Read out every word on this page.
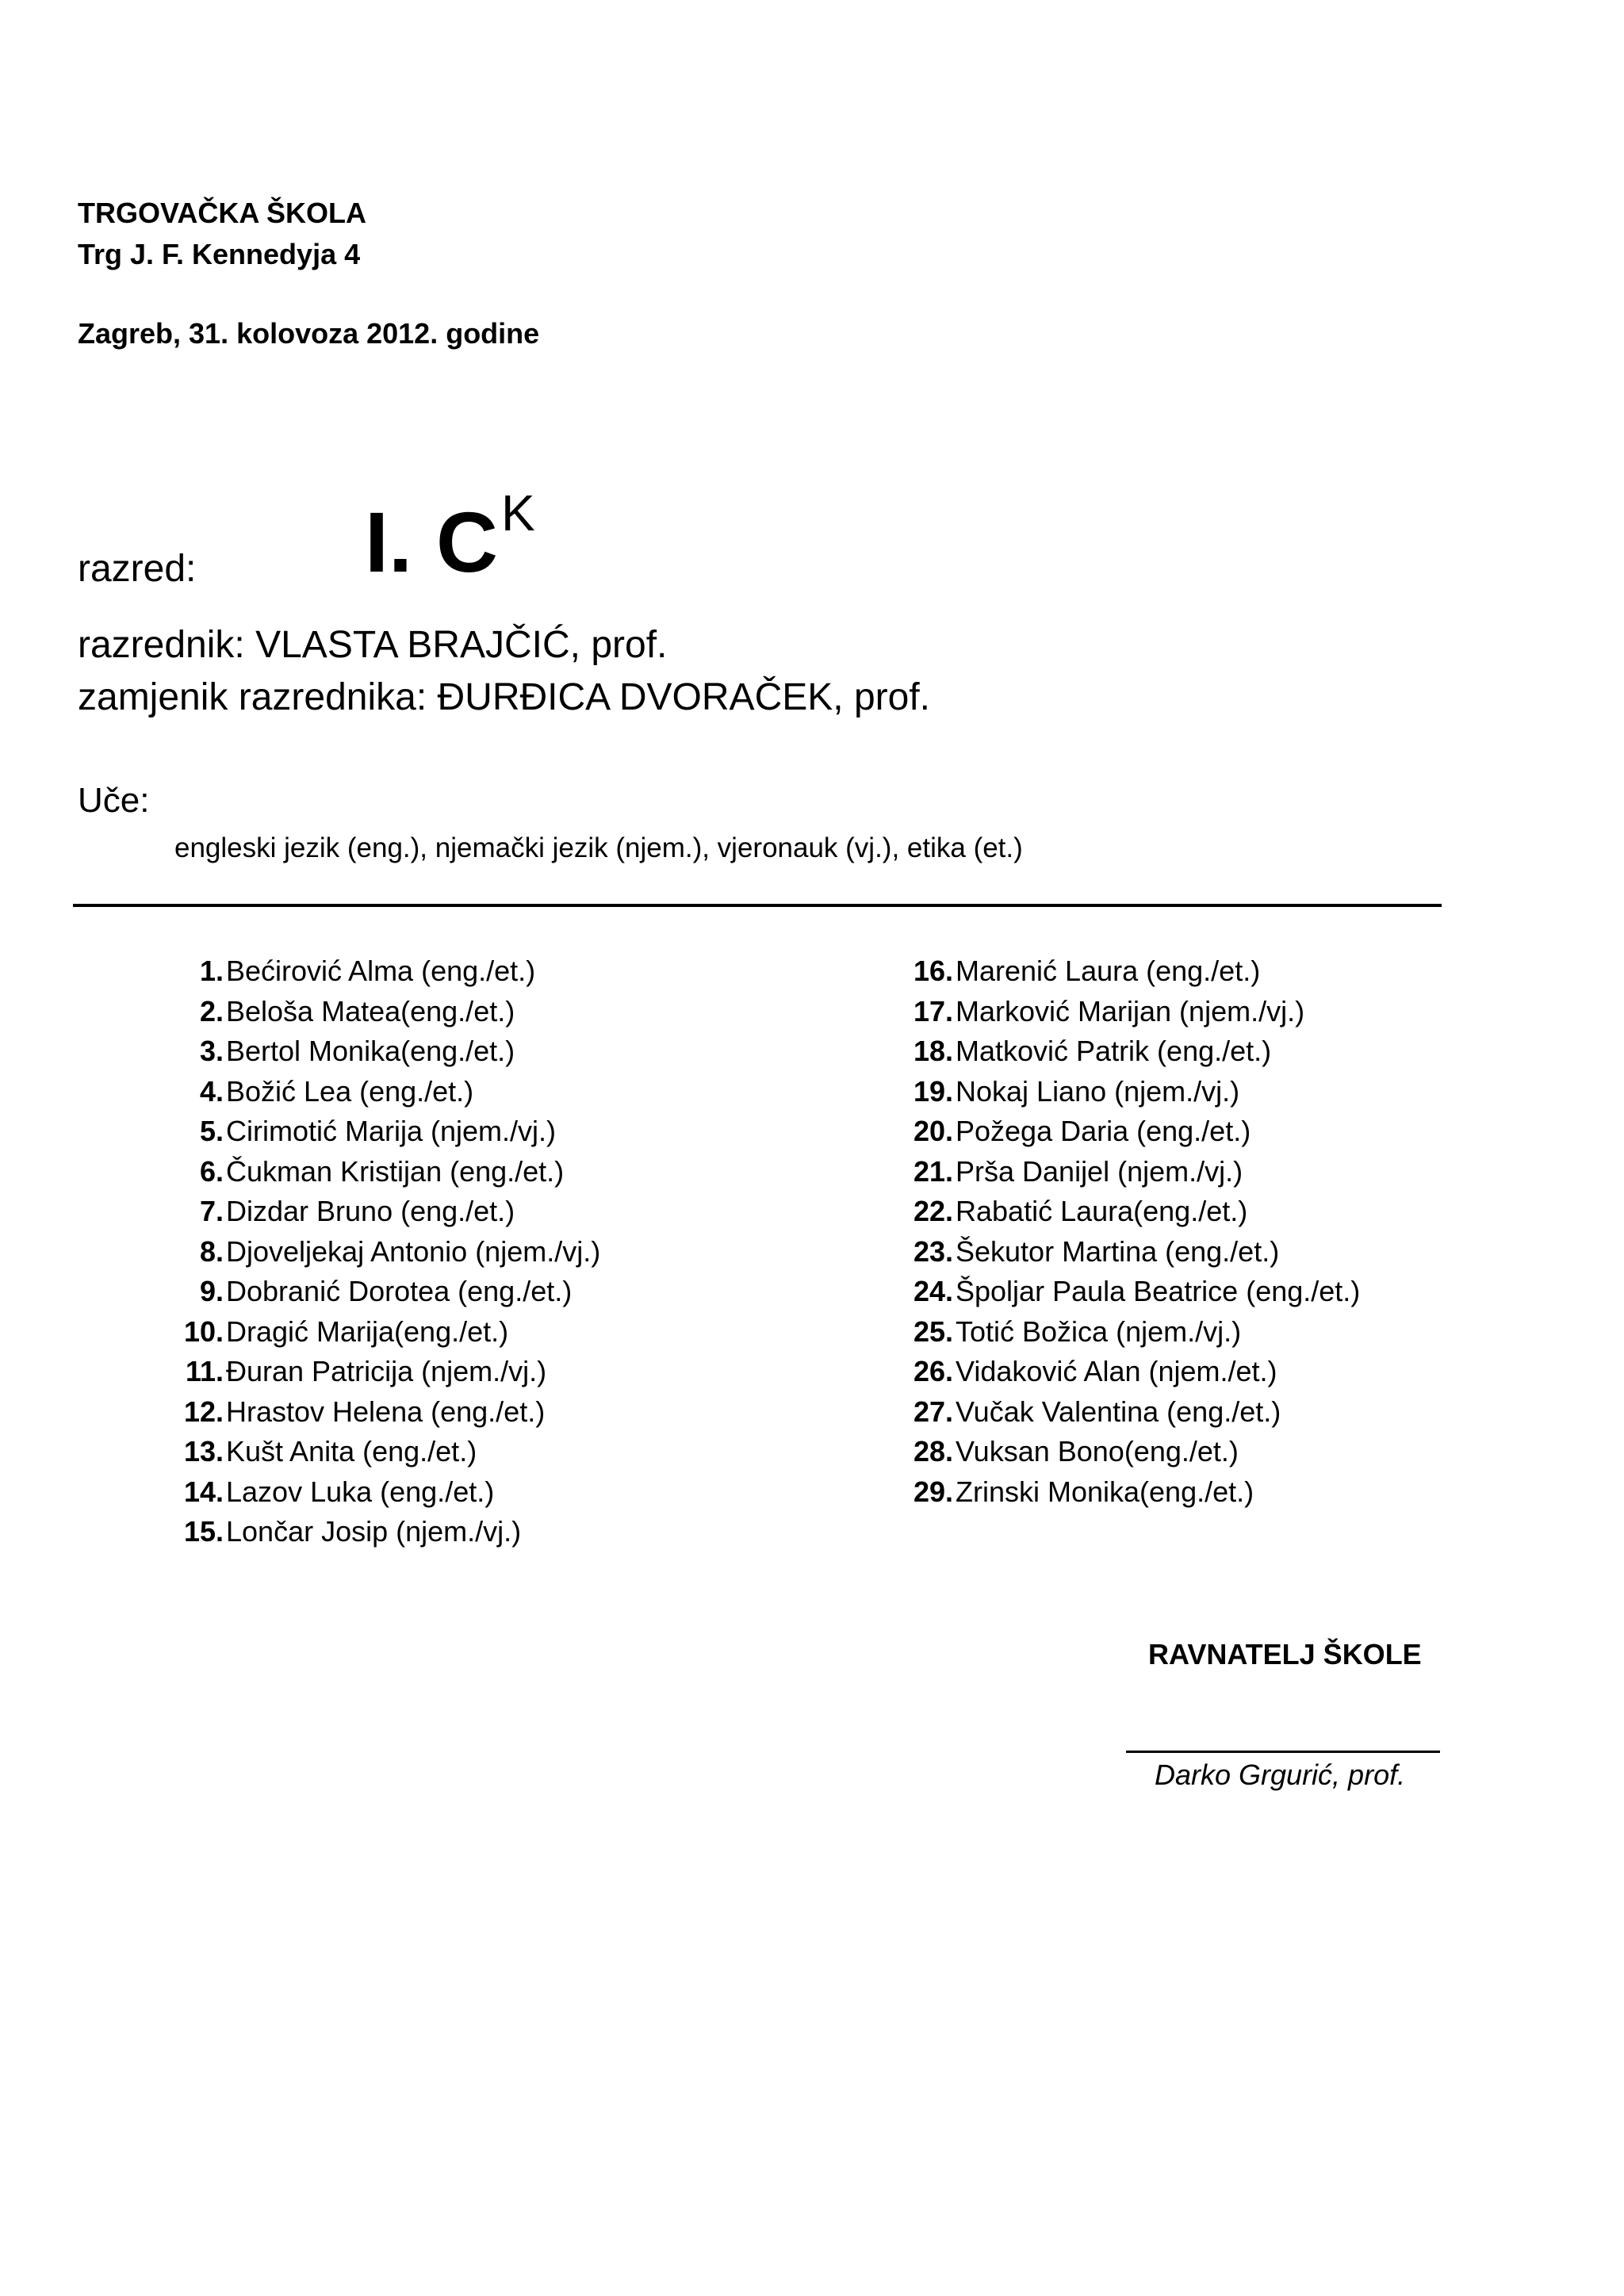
TRGOVAČKA ŠKOLA
Trg J. F. Kennedyja 4
Zagreb, 31. kolovoza 2012. godine
razred: I. $C^K$
razrednik: VLASTA BRAJČIĆ, prof.
zamjenik razrednika: ĐURĐICA DVORAČEK, prof.
Uče:
engleski jezik (eng.), njemački jezik (njem.), vjeronauk (vj.), etika (et.)
1.Bećirović Alma (eng./et.)
2.Beloša Matea(eng./et.)
3.Bertol Monika(eng./et.)
4.Božić Lea (eng./et.)
5.Cirimotić Marija (njem./vj.)
6.Čukman Kristijan (eng./et.)
7.Dizdar Bruno (eng./et.)
8.Djoveljekaj Antonio (njem./vj.)
9.Dobranić Dorotea (eng./et.)
10.Dragić Marija(eng./et.)
11.Đuran Patricija (njem./vj.)
12.Hrastov Helena (eng./et.)
13.Kušt Anita (eng./et.)
14.Lazov Luka (eng./et.)
15.Lončar Josip (njem./vj.)
16.Marenić Laura (eng./et.)
17.Marković Marijan (njem./vj.)
18.Matković Patrik (eng./et.)
19.Nokaj Liano (njem./vj.)
20.Požega Daria (eng./et.)
21.Prša Danijel (njem./vj.)
22.Rabatić Laura(eng./et.)
23.Šekutor Martina (eng./et.)
24.Špoljar Paula Beatrice (eng./et.)
25.Totić Božica (njem./vj.)
26.Vidaković Alan (njem./et.)
27.Vučak Valentina (eng./et.)
28.Vuksan Bono(eng./et.)
29.Zrinski Monika(eng./et.)
RAVNATELJ ŠKOLE
Darko Grgurić, prof.
